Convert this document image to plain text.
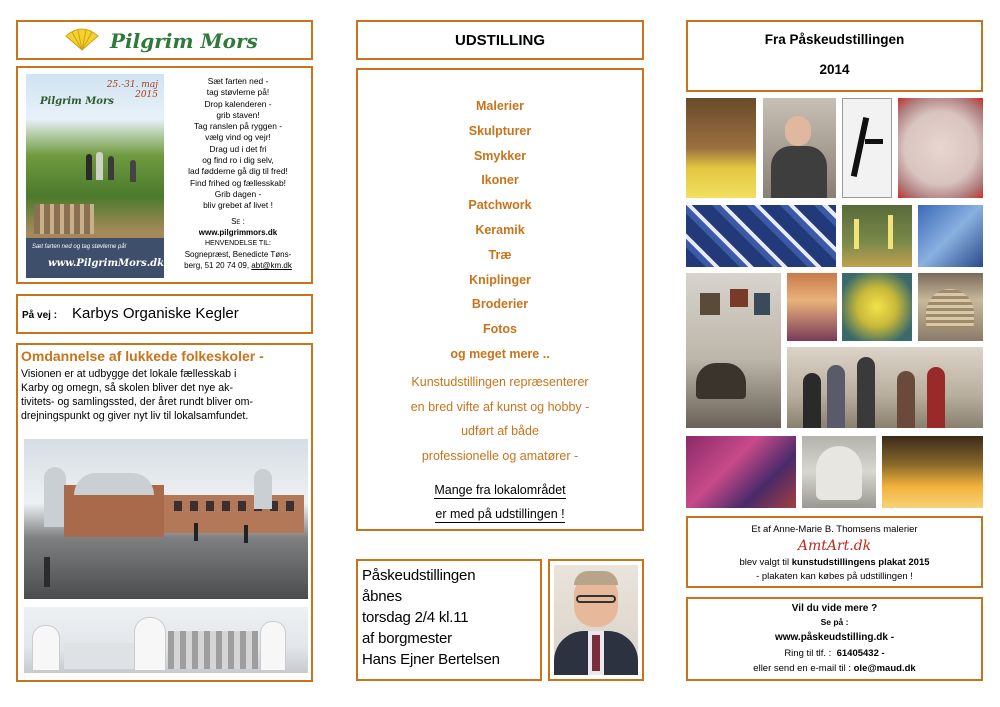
Pilgrim Mors
25.-31. maj
2015
Pilgrim Mors
Sæt farten ned og tag støvlerne på!
www.PilgrimMors.dk
Sæt farten ned -
tag støvlerne på!
Drop kalenderen -
grib staven!
Tag ranslen på ryggen -
vælg vind og vejr!
Drag ud i det fri
og find ro i dig selv,
lad fødderne gå dig til fred!
Find frihed og fællesskab!
Grib dagen -
bliv grebet af livet !
Se :
www.pilgrimmors.dk
HENVENDELSE TIL:
Sognepræst, Benedicte Tøns-
berg, 51 20 74 09, abt@km.dk
På vej : Karbys Organiske Kegler
Omdannelse af lukkede folkeskoler -
Visionen er at udbygge det lokale fællesskab i
Karby og omegn, så skolen bliver det nye ak-
tivitets- og samlingssted, der året rundt bliver om-
drejningspunkt og giver nyt liv til lokalsamfundet.
UDSTILLING
Malerier
Skulpturer
Smykker
Ikoner
Patchwork
Keramik
Træ
Kniplinger
Broderier
Fotos
og meget mere ..
Kunstudstillingen repræsenterer
en bred vifte af kunst og hobby -
udført af både
professionelle og amatører -
Mange fra lokalområdet
er med på udstillingen !
Påskeudstillingen
åbnes
torsdag 2/4 kl.11
af borgmester
Hans Ejner Bertelsen
Fra Påskeudstillingen
2014
Et af Anne-Marie B. Thomsens malerier
AmtArt.dk
blev valgt til kunstudstillingens plakat 2015
- plakaten kan købes på udstillingen !
Vil du vide mere ?
Se på :
www.påskeudstilling.dk -
Ring til tlf. : 61405432 -
eller send en e-mail til : ole@maud.dk
